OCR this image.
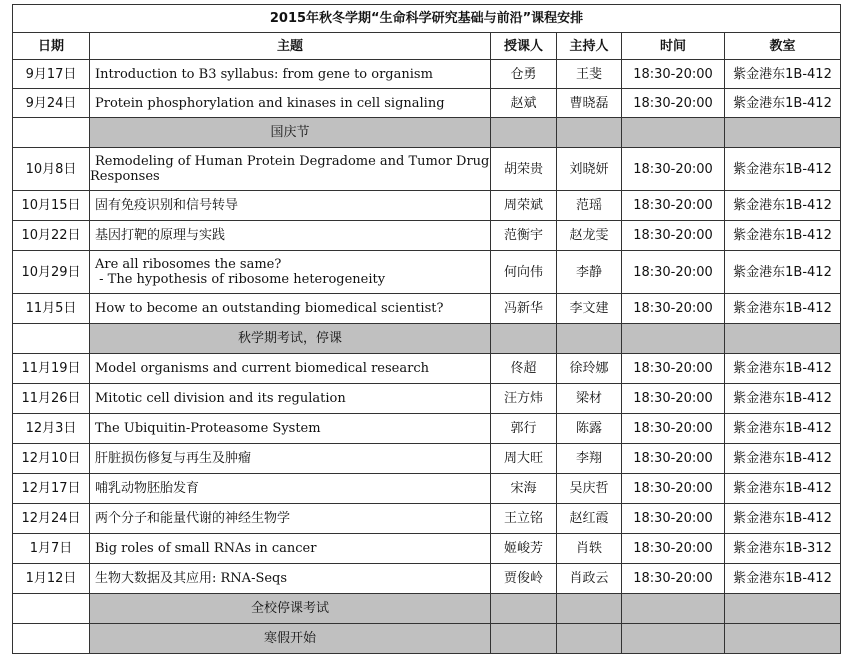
2015年秋冬学期“生命科学研究基础与前沿”课程安排					
日期	主题	授课人	主持人	时间	教室
9月17日	Introduction to B3 syllabus: from gene to organism	仓勇	王斐	18:30-20:00	紫金港东1B-412
9月24日	Protein phosphorylation and kinases in cell signaling	赵斌	曹晓磊	18:30-20:00	紫金港东1B-412
	国庆节				
10月8日	Remodeling of Human Protein Degradome and Tumor Drug
Responses	胡荣贵	刘晓妍	18:30-20:00	紫金港东1B-412
10月15日	固有免疫识别和信号转导	周荣斌	范瑶	18:30-20:00	紫金港东1B-412
10月22日	基因打靶的原理与实践	范衡宇	赵龙雯	18:30-20:00	紫金港东1B-412
10月29日	Are all ribosomes the same?
- The hypothesis of ribosome heterogeneity	何向伟	李静	18:30-20:00	紫金港东1B-412
11月5日	How to become an outstanding biomedical scientist?	冯新华	李文建	18:30-20:00	紫金港东1B-412
	秋学期考试，停课				
11月19日	Model organisms and current biomedical research	佟超	徐玲娜	18:30-20:00	紫金港东1B-412
11月26日	Mitotic cell division and its regulation	汪方炜	梁材	18:30-20:00	紫金港东1B-412
12月3日	The Ubiquitin-Proteasome System	郭行	陈露	18:30-20:00	紫金港东1B-412
12月10日	肝脏损伤修复与再生及肿瘤	周大旺	李翔	18:30-20:00	紫金港东1B-412
12月17日	哺乳动物胚胎发育	宋海	吴庆哲	18:30-20:00	紫金港东1B-412
12月24日	两个分子和能量代谢的神经生物学	王立铭	赵红霞	18:30-20:00	紫金港东1B-412
1月7日	Big roles of small RNAs in cancer	姬峻芳	肖轶	18:30-20:00	紫金港东1B-312
1月12日	生物大数据及其应用: RNA-Seqs	贾俊岭	肖政云	18:30-20:00	紫金港东1B-412
	全校停课考试				
	寒假开始				
